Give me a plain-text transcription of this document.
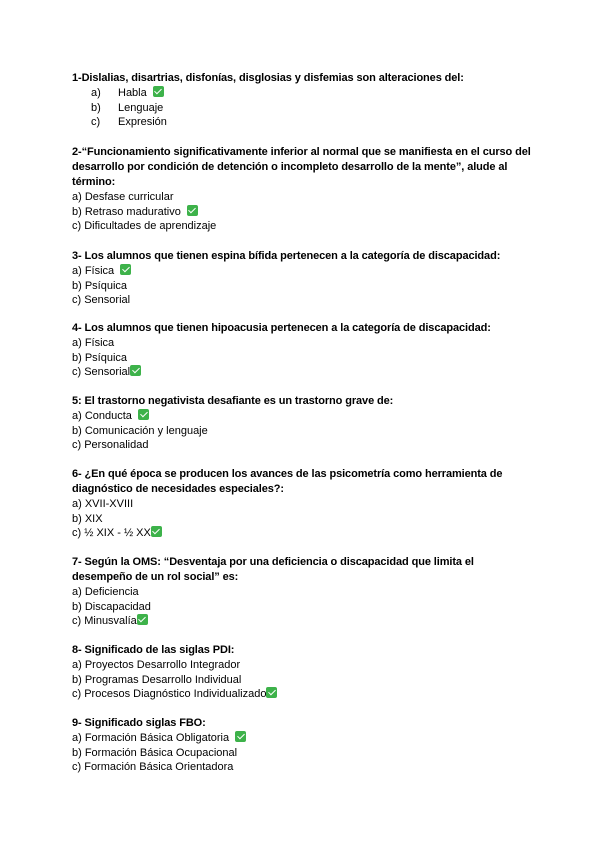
1-Dislalias, disartrias, disfonías, disglosias y disfemias son alteraciones del:

a) Habla
b) Lenguaje
c) Expresión

2-“Funcionamiento significativamente inferior al normal que se manifiesta en el curso del desarrollo por condición de detención o incompleto desarrollo de la mente”, alude al término:

a) Desfase curricular
b) Retraso madurativo
c) Dificultades de aprendizaje

3- Los alumnos que tienen espina bífida pertenecen a la categoría de discapacidad:

a) Física
b) Psíquica
c) Sensorial

4- Los alumnos que tienen hipoacusia pertenecen a la categoría de discapacidad:

a) Física
b) Psíquica
c) Sensorial

5: El trastorno negativista desafiante es un trastorno grave de:

a) Conducta
b) Comunicación y lenguaje
c) Personalidad

6- ¿En qué época se producen los avances de las psicometría como herramienta de diagnóstico de necesidades especiales?:

a) XVII-XVIII
b) XIX
c) ½ XIX - ½ XX

7- Según la OMS: “Desventaja por una deficiencia o discapacidad que limita el desempeño de un rol social” es:

a) Deficiencia
b) Discapacidad
c) Minusvalía

8- Significado de las siglas PDI:

a) Proyectos Desarrollo Integrador
b) Programas Desarrollo Individual
c) Procesos Diagnóstico Individualizado

9- Significado siglas FBO:

a) Formación Básica Obligatoria
b) Formación Básica Ocupacional
c) Formación Básica Orientadora
